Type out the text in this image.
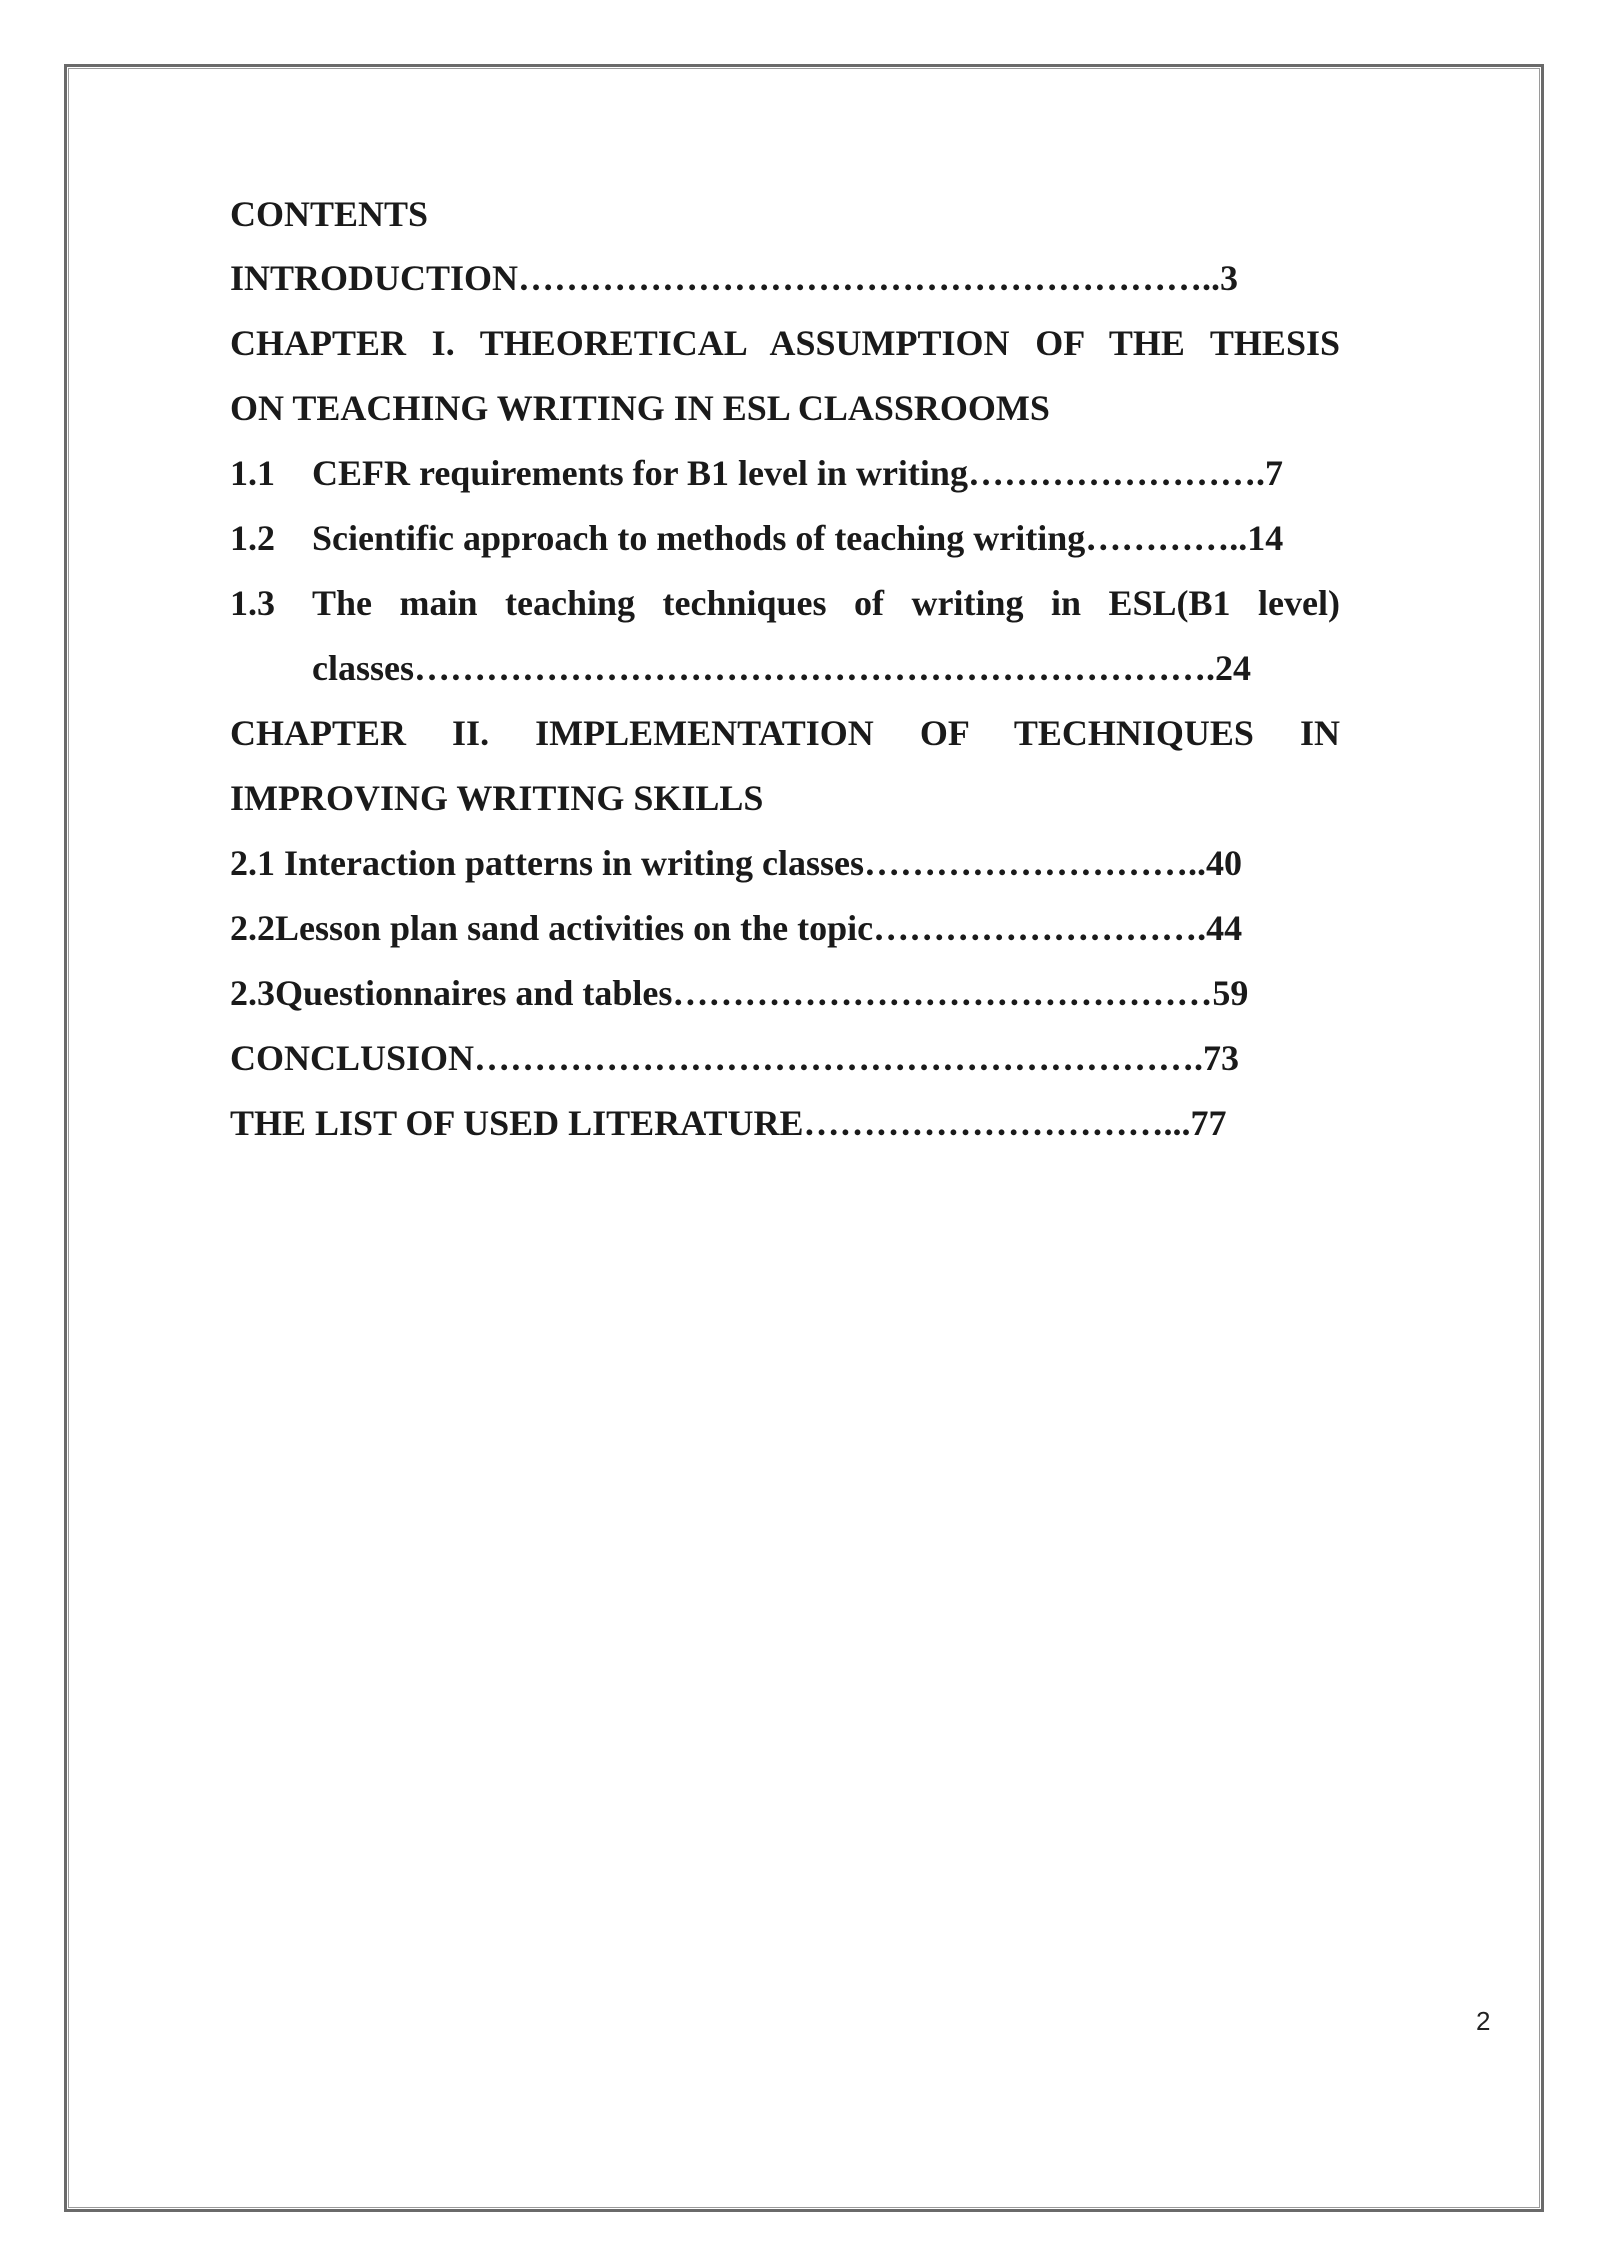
CONTENTS
INTRODUCTION…………………………………………………..3
CHAPTER I. THEORETICAL ASSUMPTION OF THE THESIS
ON TEACHING WRITING IN ESL CLASSROOMS
1.1 CEFR requirements for B1 level in writing…………………….7
1.2 Scientific approach to methods of teaching writing…………..14
1.3	The main teaching techniques of writing in ESL(B1 level)
classes………………………………………………………….24
CHAPTER II. IMPLEMENTATION OF TECHNIQUES IN
IMPROVING WRITING SKILLS
2.1 Interaction patterns in writing classes………………………..40
2.2Lesson plan sand activities on the topic……………………….44
2.3Questionnaires and tables………………………………………59
CONCLUSION…………………………………………………….73
THE LIST OF USED LITERATURE…………………………...77
2
